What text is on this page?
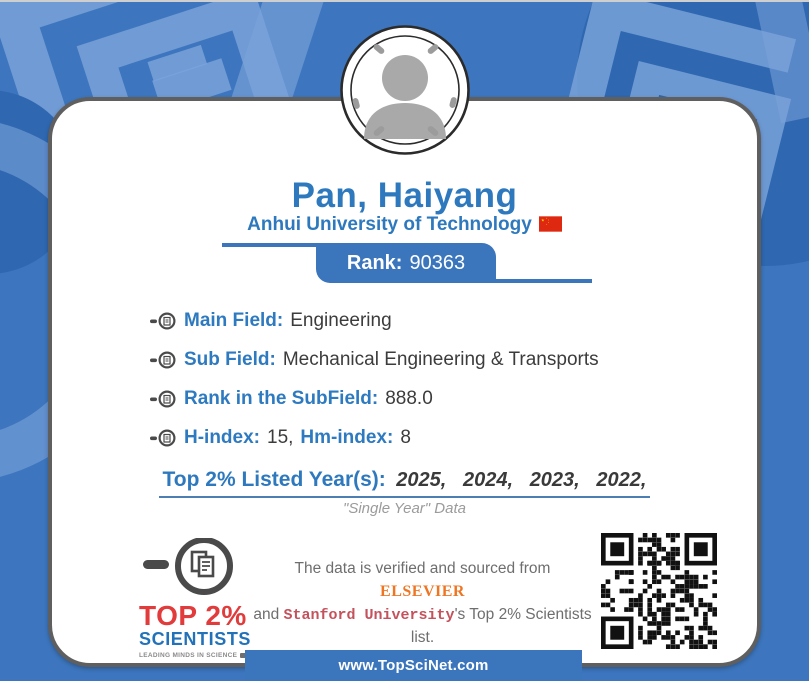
Pan, Haiyang
Anhui University of Technology
Rank: 90363
Main Field: Engineering
Sub Field: Mechanical Engineering & Transports
Rank in the SubField: 888.0
H-index: 15, Hm-index: 8
Top 2% Listed Year(s): 2025,   2024,   2023,   2022,
"Single Year" Data
TOP 2%
SCIENTISTS
LEADING MINDS IN SCIENCE
The data is verified and sourced from ELSEVIER
and Stanford University's Top 2% Scientists list.
www.TopSciNet.com
